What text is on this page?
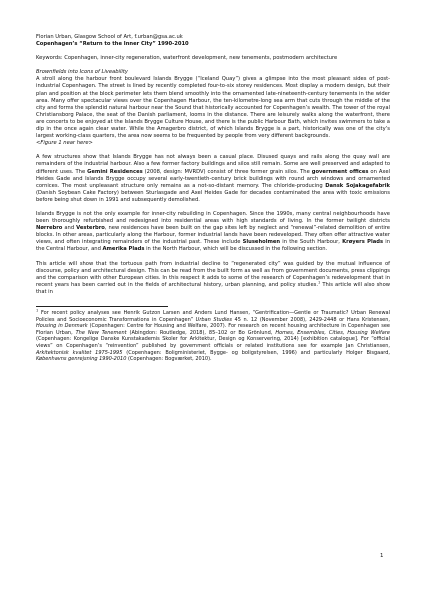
Florian Urban, Glasgow School of Art, f.urban@gsa.ac.uk

Copenhagen’s “Return to the Inner City” 1990-2010

Keywords: Copenhagen, inner-city regeneration, waterfront development, new tenements, postmodern architecture

Brownfields into Icons of Liveability

A stroll along the harbour front boulevard Islands Brygge (“Iceland Quay”) gives a glimpse into the most pleasant sides of post-industrial Copenhagen. The street is lined by recently completed four-to-six storey residences. Most display a modern design, but their plan and position at the block perimeter lets them blend smoothly into the ornamented late-nineteenth-century tenements in the wider area. Many offer spectacular views over the Copenhagen Harbour, the ten-kilometre-long sea arm that cuts through the middle of the city and forms the splendid natural harbour near the Sound that historically accounted for Copenhagen’s wealth. The tower of the royal Christiansborg Palace, the seat of the Danish parliament, looms in the distance. There are leisurely walks along the waterfront, there are concerts to be enjoyed at the Islands Brygge Culture House, and there is the public Harbour Bath, which invites swimmers to take a dip in the once again clear water. While the Amagerbro district, of which Islands Brygge is a part, historically was one of the city’s largest working-class quarters, the area now seems to be frequented by people from very different backgrounds.

<Figure 1 near here>

A few structures show that Islands Brygge has not always been a casual place. Disused quays and rails along the quay wall are remainders of the industrial harbour. Also a few former factory buildings and silos still remain. Some are well preserved and adapted to different uses. The Gemini Residences (2008, design: MVRDV) consist of three former grain silos. The government offices on Axel Heides Gade and Islands Brygge occupy several early-twentieth-century brick buildings with round arch windows and ornamented cornices. The most unpleasant structure only remains as a not-so-distant memory. The chloride-producing Dansk Sojakagefabrik (Danish Soybean Cake Factory) between Sturlasgade and Axel Heides Gade for decades contaminated the area with toxic emissions before being shut down in 1991 and subsequently demolished.

Islands Brygge is not the only example for inner-city rebuilding in Copenhagen. Since the 1990s, many central neighbourhoods have been thoroughly refurbished and redesigned into residential areas with high standards of living. In the former twilight districts Nørrebro and Vesterbro, new residences have been built on the gap sites left by neglect and “renewal”-related demolition of entire blocks. In other areas, particularly along the Harbour, former industrial lands have been redeveloped. They often offer attractive water views, and often integrating remainders of the industrial past. These include Sluseholmen in the South Harbour, Krøyers Plads in the Central Harbour, and Amerika Plads in the North Harbour, which will be discussed in the following section.

This article will show that the tortuous path from industrial decline to “regenerated city” was guided by the mutual influence of discourse, policy and architectural design. This can be read from the built form as well as from government documents, press clippings and the comparison with other European cities. In this respect it adds to some of the research of Copenhagen’s redevelopment that in recent years has been carried out in the fields of architectural history, urban planning, and policy studies.$^1$ This article will also show that in

$^1$ For recent policy analyses see Henrik Gutzon Larsen and Anders Lund Hansen, “Gentrification—Gentle or Traumatic? Urban Renewal Policies and Socioeconomic Transformations in Copenhagen” Urban Studies 45 n. 12 (November 2008), 2429-2448 or Hans Kristensen, Housing in Denmark (Copenhagen: Centre for Housing and Welfare, 2007). For research on recent housing architecture in Copenhagen see Florian Urban, The New Tenement (Abingdon: Routledge, 2018), 85–102 or Bo Grönlund, Homes, Ensembles, Cities, Housing Welfare (Copenhagen: Kongelige Danske Kunstakademis Skoler for Arkitektur, Design og Konservering, 2014) [exhibition catalogue]. For “official views” on Copenhagen’s “reinvention” published by government officials or related institutions see for example Jan Christiansen, Arkitektonisk kvalitet 1975-1995 (Copenhagen: Boligministeriet, Bygge- og boligstyrelsen, 1996) and particularly Holger Bisgaard, Københavns genrejsning 1990-2010 (Copenhagen: Bogværket, 2010).

1
